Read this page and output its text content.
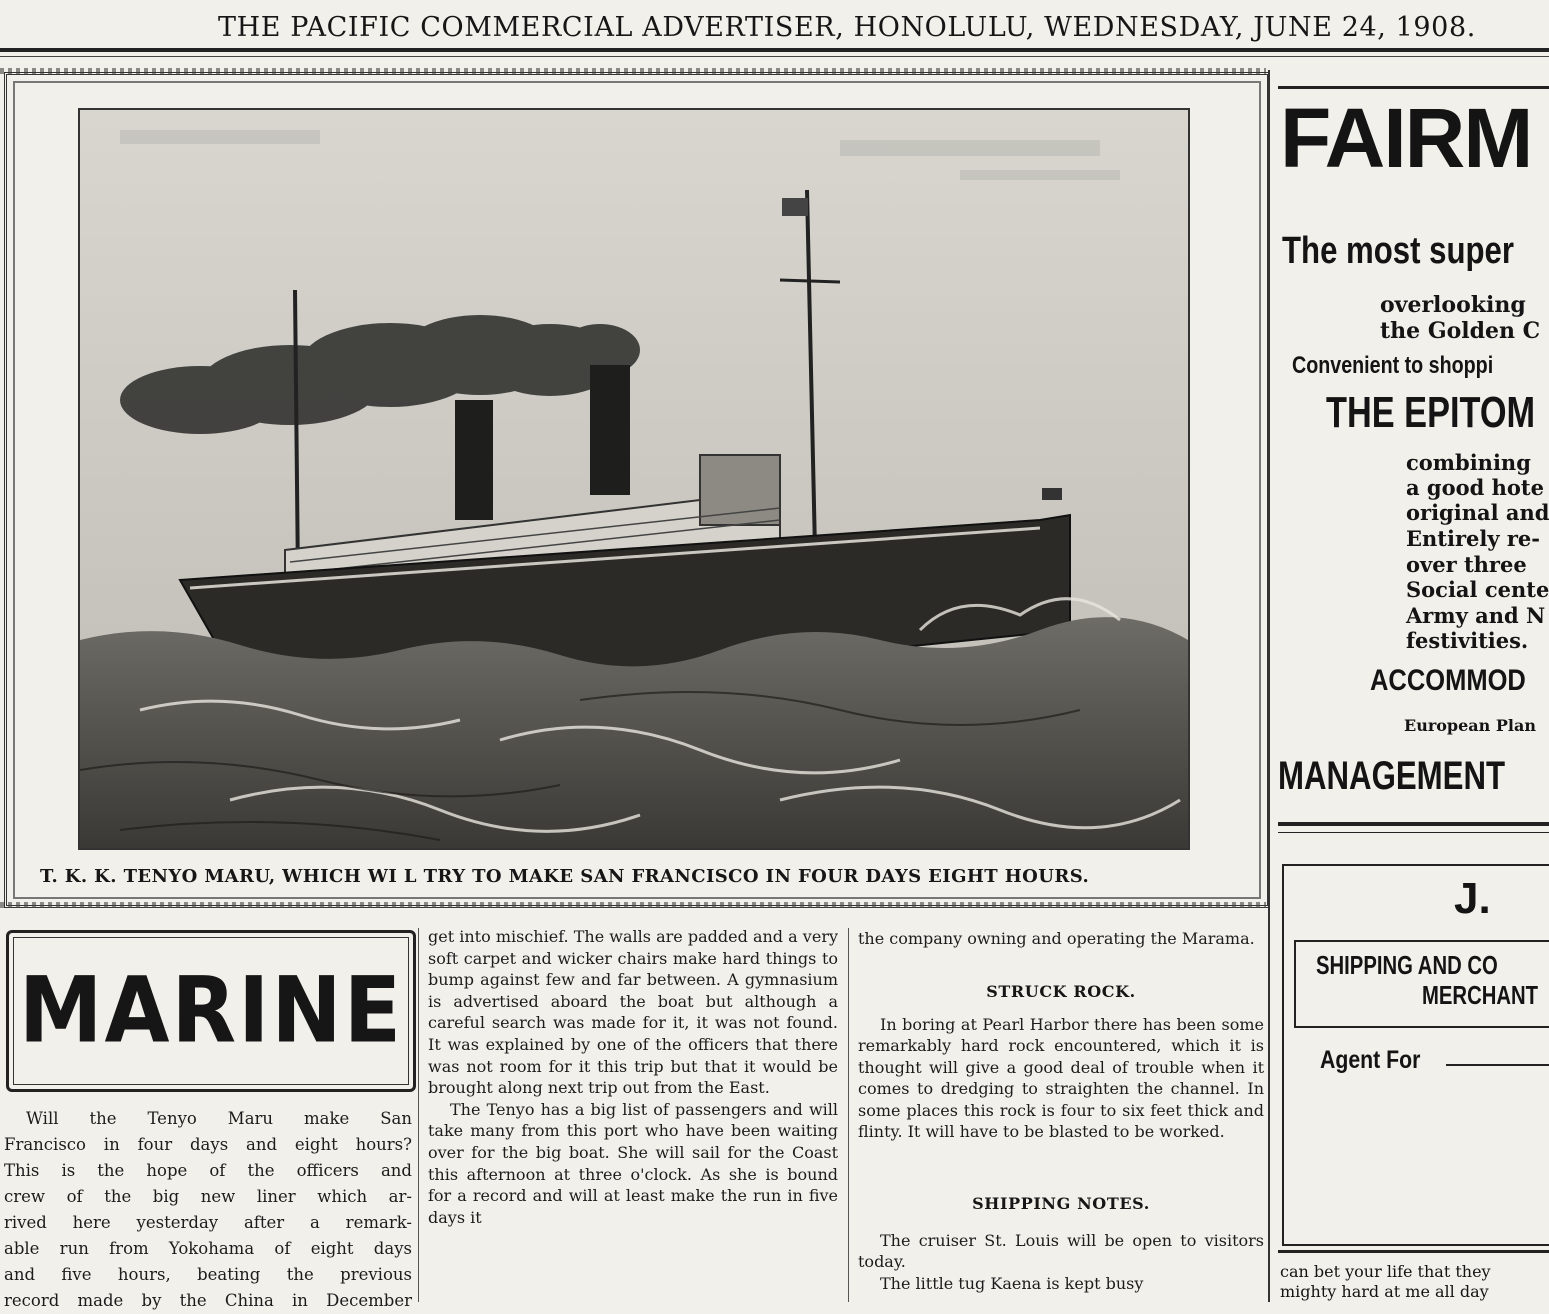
THE PACIFIC COMMERCIAL ADVERTISER, HONOLULU, WEDNESDAY, JUNE 24, 1908.
T. K. K. TENYO MARU, WHICH WI L TRY TO MAKE SAN FRANCISCO IN FOUR DAYS EIGHT HOURS.
MARINE
Will the Tenyo Maru make San
Francisco in four days and eight hours?
This is the hope of the officers and
crew of the big new liner which ar-
rived here yesterday after a remark-
able run from Yokohama of eight days
and five hours, beating the previous
record made by the China in December

get into mischief. The walls are padded and a very soft carpet and wicker chairs make hard things to bump against few and far between. A gymnasium is advertised aboard the boat but although a careful search was made for it, it was not found. It was explained by one of the officers that there was not room for it this trip but that it would be brought along next trip out from the East.

The Tenyo has a big list of passengers and will take many from this port who have been waiting over for the big boat. She will sail for the Coast this afternoon at three o'clock. As she is bound for a record and will at least make the run in five days it

the company owning and operating the Marama.

STRUCK ROCK.

In boring at Pearl Harbor there has been some remarkably hard rock encountered, which it is thought will give a good deal of trouble when it comes to dredging to straighten the channel. In some places this rock is four to six feet thick and flinty. It will have to be blasted to be worked.

SHIPPING NOTES.

The cruiser St. Louis will be open to visitors today.

The little tug Kaena is kept busy

FAIRM
The most super
overlooking
the Golden C
Convenient to shoppi
THE EPITOM
combining
a good hote
original and
Entirely re-
over three
Social cente
Army and N
festivities.
ACCOMMOD
European Plan
MANAGEMENT
J.
SHIPPING AND CO
MERCHANT
Agent For
can bet your life that they
mighty hard at me all day
